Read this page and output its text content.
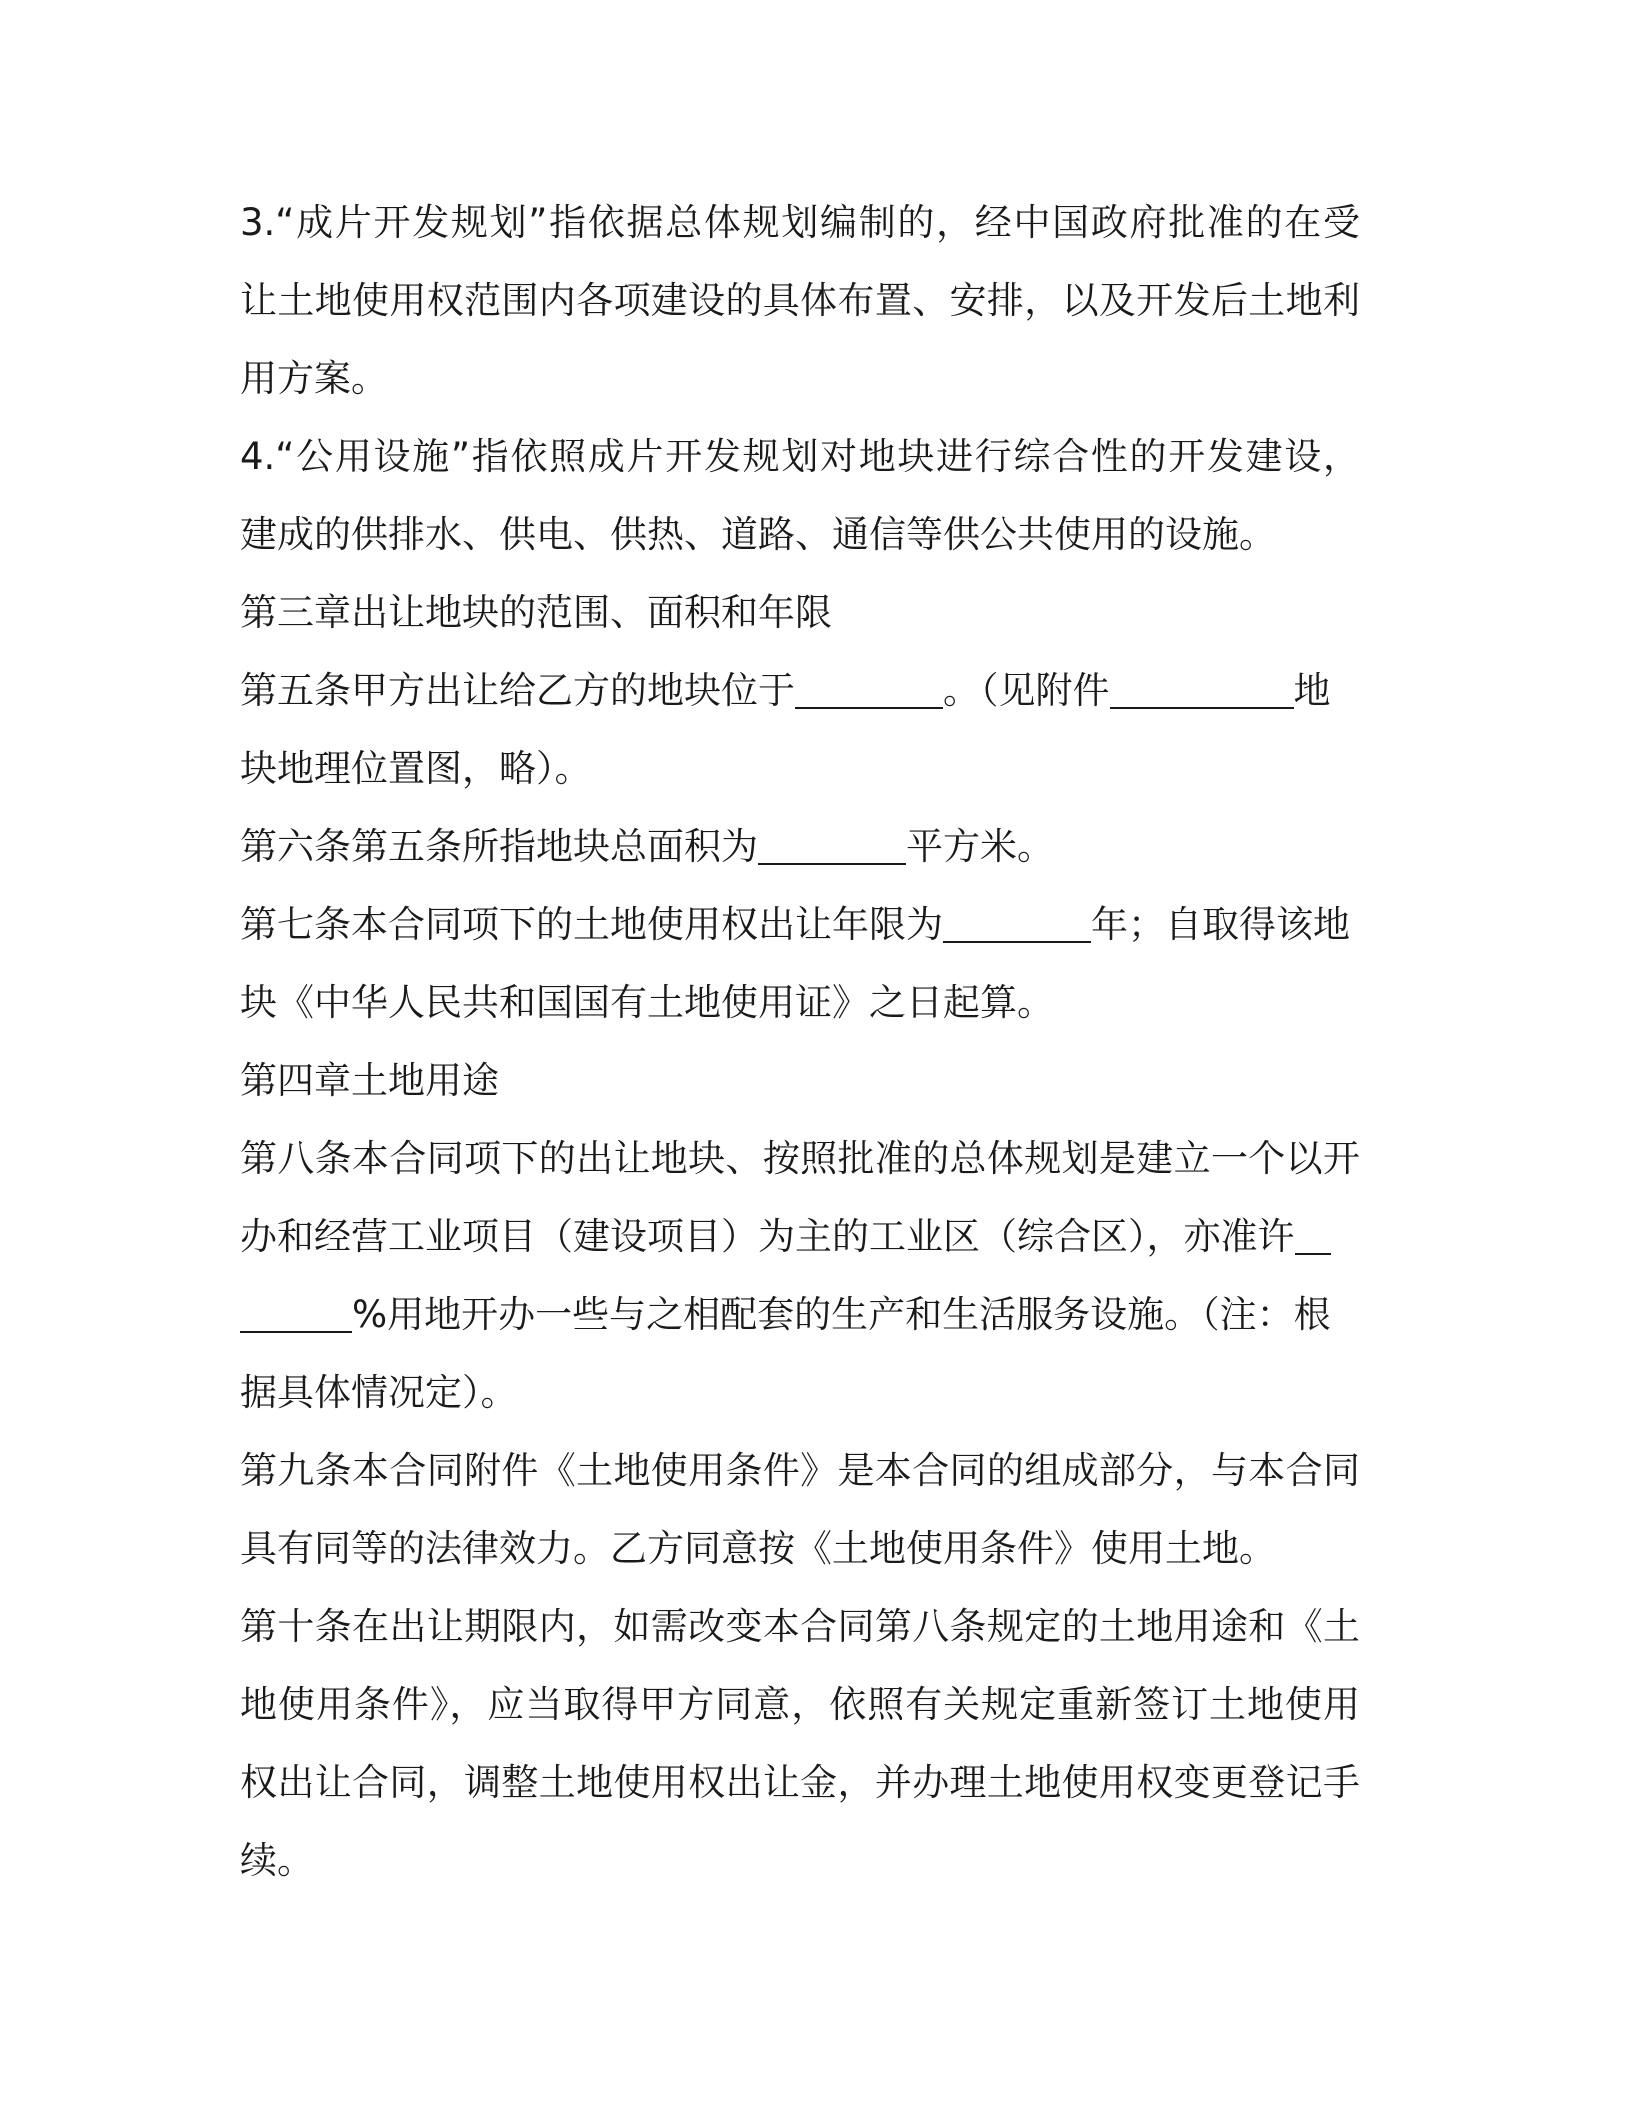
3.“成片开发规划”指依据总体规划编制的，经中国政府批准的在受
让土地使用权范围内各项建设的具体布置、安排，以及开发后土地利
用方案。
4.“公用设施”指依照成片开发规划对地块进行综合性的开发建设，
建成的供排水、供电、供热、道路、通信等供公共使用的设施。
第三章出让地块的范围、面积和年限
第五条甲方出让给乙方的地块位于	。（见附件	地
块地理位置图，略）。
第六条第五条所指地块总面积为	平方米。
第七条本合同项下的土地使用权出让年限为	年；自取得该地
块《中华人民共和国国有土地使用证》之日起算。
第四章土地用途
第八条本合同项下的出让地块、按照批准的总体规划是建立一个以开
办和经营工业项目（建设项目）为主的工业区（综合区），亦准许
%用地开办一些与之相配套的生产和生活服务设施。（注：根
据具体情况定）。
第九条本合同附件《土地使用条件》是本合同的组成部分，与本合同
具有同等的法律效力。乙方同意按《土地使用条件》使用土地。
第十条在出让期限内，如需改变本合同第八条规定的土地用途和《土
地使用条件》，应当取得甲方同意，依照有关规定重新签订土地使用
权出让合同，调整土地使用权出让金，并办理土地使用权变更登记手
续。
